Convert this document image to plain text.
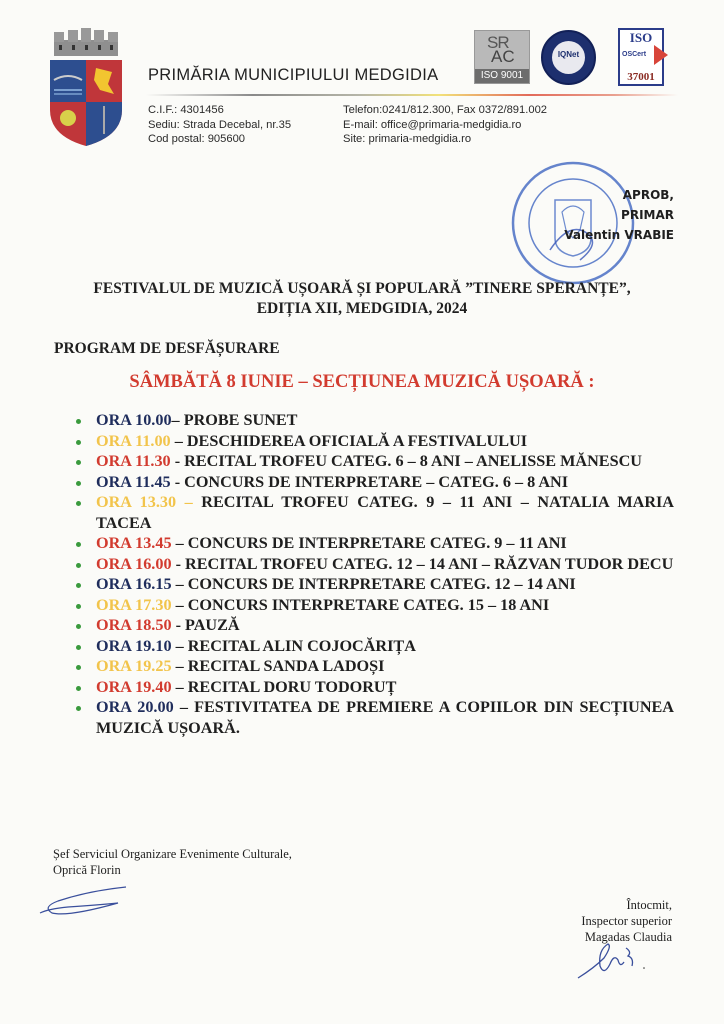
PRIMĂRIA MUNICIPIULUI MEDGIDIA
C.I.F.: 4301456
Sediu: Strada Decebal, nr.35
Cod postal: 905600
Telefon:0241/812.300, Fax 0372/891.002
E-mail: office@primaria-medgidia.ro
Site: primaria-medgidia.ro
SR
AC
ISO 9001
IQNet
ISO
OSCert
37001
APROB,
PRIMAR
Valentin VRABIE
FESTIVALUL DE MUZICĂ UȘOARĂ ȘI POPULARĂ ”TINERE SPERANȚE”,
EDIȚIA XII, MEDGIDIA, 2024
PROGRAM DE DESFĂȘURARE
SÂMBĂTĂ 8 IUNIE – SECȚIUNEA MUZICĂ UȘOARĂ :
ORA 10.00– PROBE SUNET
ORA 11.00 – DESCHIDEREA OFICIALĂ A FESTIVALULUI
ORA 11.30 - RECITAL TROFEU CATEG. 6 – 8 ANI – ANELISSE MĂNESCU
ORA 11.45 - CONCURS DE INTERPRETARE – CATEG. 6 – 8 ANI
ORA 13.30 – RECITAL TROFEU CATEG. 9 – 11 ANI – NATALIA MARIA TACEA
ORA 13.45 – CONCURS DE INTERPRETARE CATEG. 9 – 11 ANI
ORA 16.00 - RECITAL TROFEU CATEG. 12 – 14 ANI – RĂZVAN TUDOR DECU
ORA 16.15 – CONCURS DE INTERPRETARE CATEG. 12 – 14 ANI
ORA 17.30 – CONCURS INTERPRETARE CATEG. 15 – 18 ANI
ORA 18.50 - PAUZĂ
ORA 19.10 – RECITAL ALIN COJOCĂRIȚA
ORA 19.25 – RECITAL SANDA LADOȘI
ORA 19.40 – RECITAL DORU TODORUȚ
ORA 20.00 – FESTIVITATEA DE PREMIERE A COPIILOR DIN SECȚIUNEA MUZICĂ UȘOARĂ.
Șef Serviciul Organizare Evenimente Culturale,
Oprică Florin
Întocmit,
Inspector superior
Magadas Claudia
